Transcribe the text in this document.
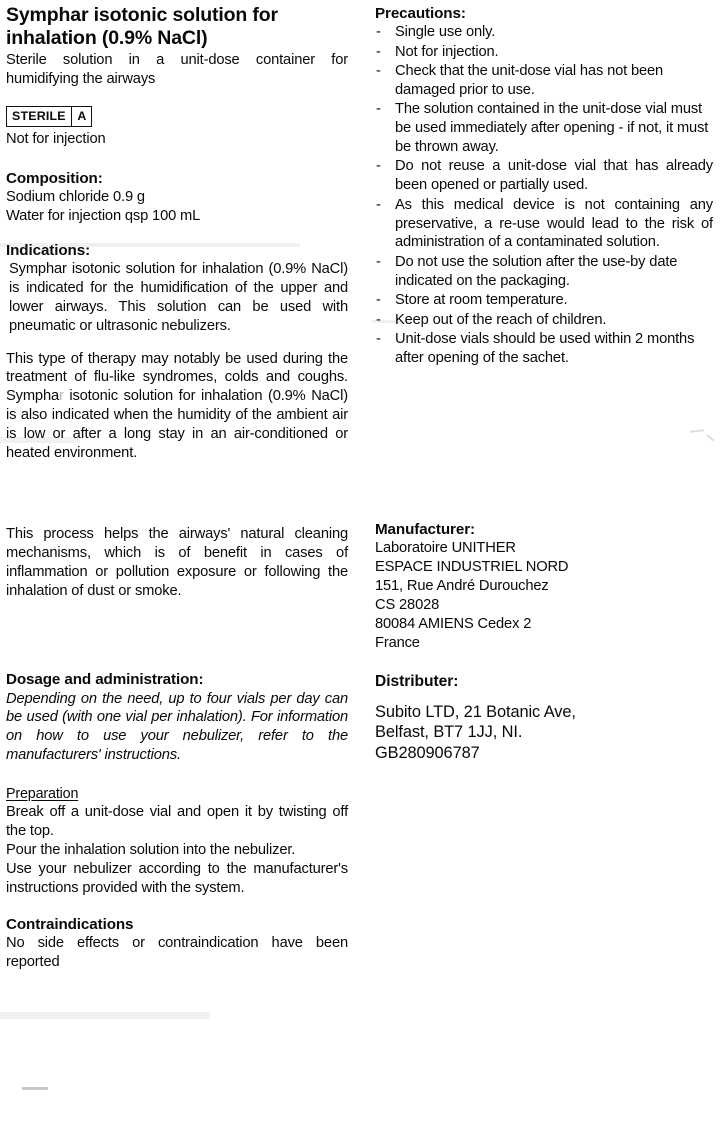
Symphar isotonic solution for inhalation (0.9% NaCl)

Sterile solution in a unit-dose container for humidifying the airways

STERILE A

Not for injection

Composition:

Sodium chloride 0.9 g

Water for injection qsp 100 mL

Indications:

Symphar isotonic solution for inhalation (0.9% NaCl) is indicated for the humidification of the upper and lower airways. This solution can be used with pneumatic or ultrasonic nebulizers.

This type of therapy may notably be used during the treatment of flu-like syndromes, colds and coughs. Symphar isotonic solution for inhalation (0.9% NaCl) is also indicated when the humidity of the ambient air is low or after a long stay in an air-conditioned or heated environment.

This process helps the airways' natural cleaning mechanisms, which is of benefit in cases of inflammation or pollution exposure or following the inhalation of dust or smoke.

Dosage and administration:

Depending on the need, up to four vials per day can be used (with one vial per inhalation). For information on how to use your nebulizer, refer to the manufacturers' instructions.

Preparation

Break off a unit-dose vial and open it by twisting off the top.

Pour the inhalation solution into the nebulizer.

Use your nebulizer according to the manufacturer's instructions provided with the system.

Contraindications

No side effects or contraindication have been reported

Precautions:
- Single use only.
- Not for injection.
- Check that the unit-dose vial has not been damaged prior to use.
- The solution contained in the unit-dose vial must be used immediately after opening - if not, it must be thrown away.
- Do not reuse a unit-dose vial that has already been opened or partially used.
- As this medical device is not containing any preservative, a re-use would lead to the risk of administration of a contaminated solution.
- Do not use the solution after the use-by date indicated on the packaging.
- Store at room temperature.
- Keep out of the reach of children.
- Unit-dose vials should be used within 2 months after opening of the sachet.
Manufacturer:

Laboratoire UNITHER

ESPACE INDUSTRIEL NORD

151, Rue André Durouchez

CS 28028

80084 AMIENS Cedex 2

France

Distributer:

Subito LTD, 21 Botanic Ave,

Belfast, BT7 1JJ, NI.

GB280906787
